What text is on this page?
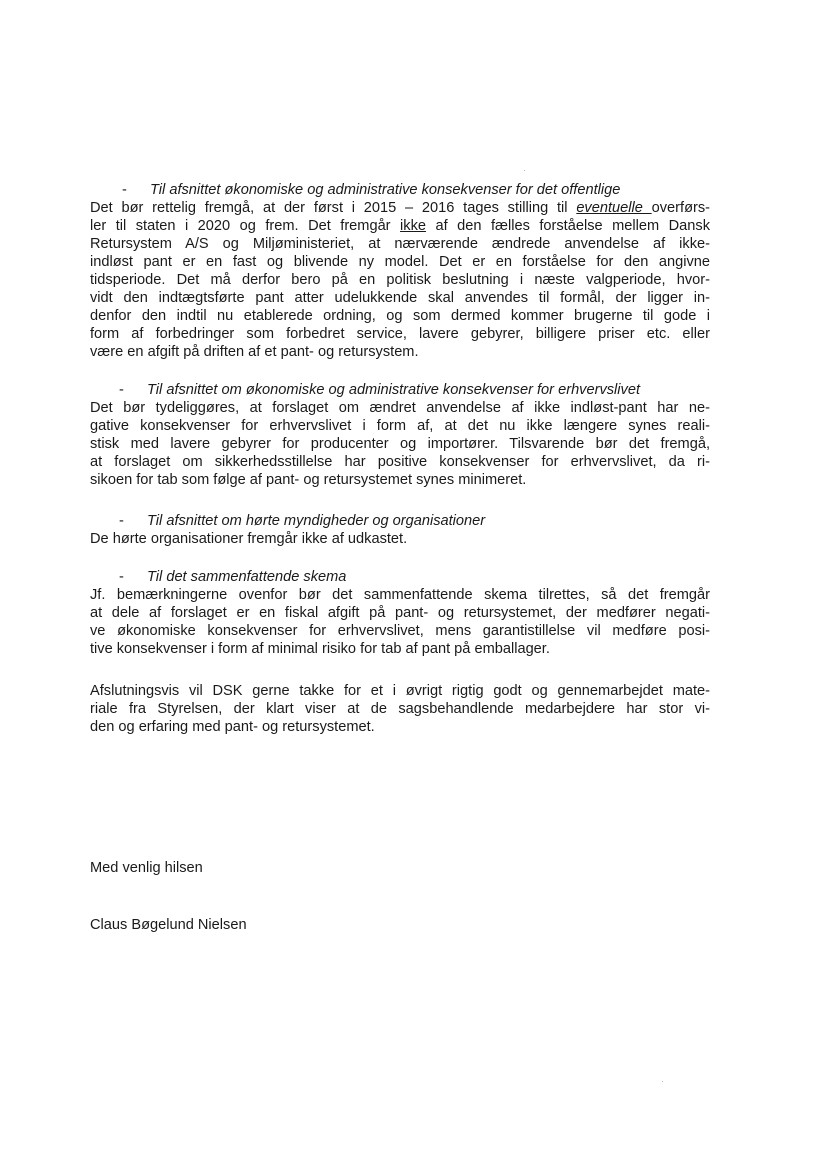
- Til afsnittet økonomiske og administrative konsekvenser for det offentlige
Det bør rettelig fremgå, at der først i 2015 – 2016 tages stilling til eventuelle overførs-
ler til staten i 2020 og frem. Det fremgår ikke af den fælles forståelse mellem Dansk
Retursystem A/S og Miljøministeriet, at nærværende ændrede anvendelse af ikke-
indløst pant er en fast og blivende ny model. Det er en forståelse for den angivne
tidsperiode. Det må derfor bero på en politisk beslutning i næste valgperiode, hvor-
vidt den indtægtsførte pant atter udelukkende skal anvendes til formål, der ligger in-
denfor den indtil nu etablerede ordning, og som dermed kommer brugerne til gode i
form af forbedringer som forbedret service, lavere gebyrer, billigere priser etc. eller
være en afgift på driften af et pant- og retursystem.
- Til afsnittet om økonomiske og administrative konsekvenser for erhvervslivet
Det bør tydeliggøres, at forslaget om ændret anvendelse af ikke indløst-pant har ne-
gative konsekvenser for erhvervslivet i form af, at det nu ikke længere synes reali-
stisk med lavere gebyrer for producenter og importører. Tilsvarende bør det fremgå,
at forslaget om sikkerhedsstillelse har positive konsekvenser for erhvervslivet, da ri-
sikoen for tab som følge af pant- og retursystemet synes minimeret.
- Til afsnittet om hørte myndigheder og organisationer
De hørte organisationer fremgår ikke af udkastet.
- Til det sammenfattende skema
Jf. bemærkningerne ovenfor bør det sammenfattende skema tilrettes, så det fremgår
at dele af forslaget er en fiskal afgift på pant- og retursystemet, der medfører negati-
ve økonomiske konsekvenser for erhvervslivet, mens garantistillelse vil medføre posi-
tive konsekvenser i form af minimal risiko for tab af pant på emballager.
Afslutningsvis vil DSK gerne takke for et i øvrigt rigtig godt og gennemarbejdet mate-
riale fra Styrelsen, der klart viser at de sagsbehandlende medarbejdere har stor vi-
den og erfaring med pant- og retursystemet.
Med venlig hilsen
Claus Bøgelund Nielsen
